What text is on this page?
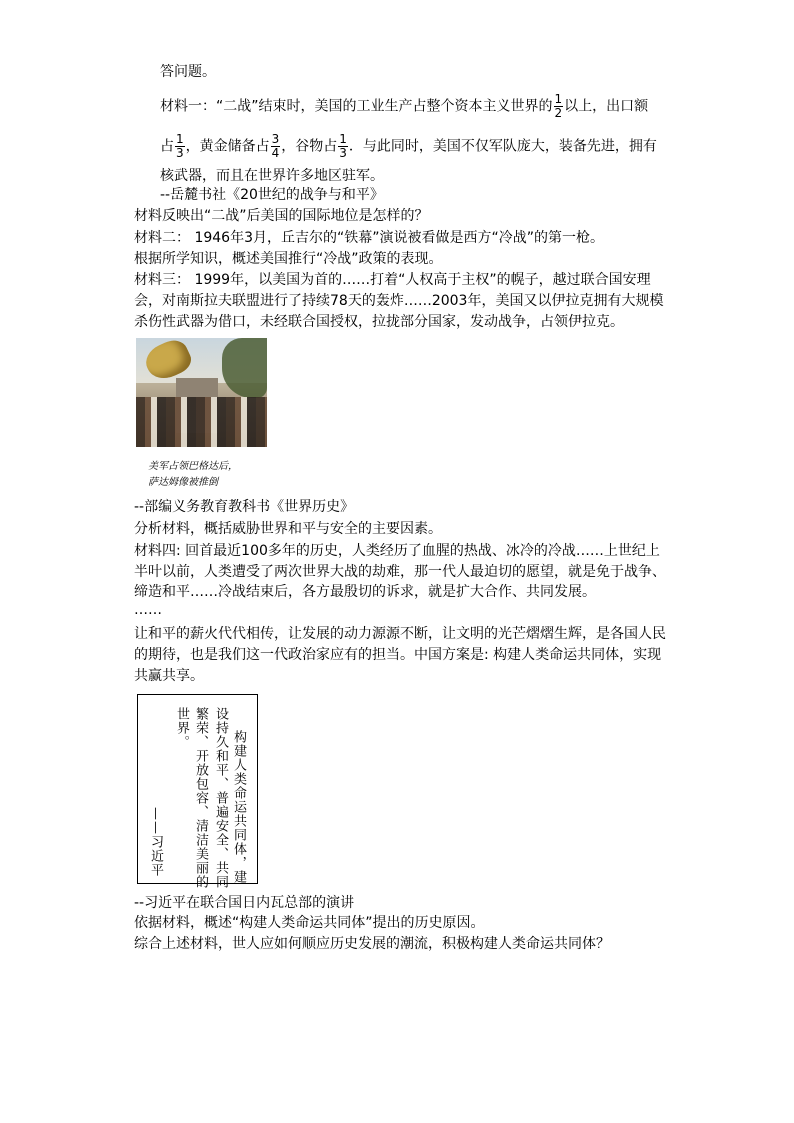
答问题。
材料一：“二战”结束时，美国的工业生产占整个资本主义世界的 $\frac{1}{2}$ 以上，出口额
占 $\frac{1}{3}$ ，黄金储备占 $\frac{3}{4}$ ，谷物占 $\frac{1}{3}$ ．与此同时，美国不仅军队庞大，装备先进，拥有
核武器，而且在世界许多地区驻军。
--岳麓书社《20世纪的战争与和平》
材料反映出“二战”后美国的国际地位是怎样的？
材料二： 1946年3月，丘吉尔的“铁幕”演说被看做是西方“冷战”的第一枪。
根据所学知识，概述美国推行“冷战”政策的表现。
材料三： 1999年，以美国为首的……打着“人权高于主权”的幌子，越过联合国安理
会，对南斯拉夫联盟进行了持续78天的轰炸……2003年，美国又以伊拉克拥有大规模
杀伤性武器为借口，未经联合国授权，拉拢部分国家，发动战争，占领伊拉克。
美军占领巴格达后，
萨达姆像被推倒
--部编义务教育教科书《世界历史》
分析材料，概括威胁世界和平与安全的主要因素。
材料四: 回首最近100多年的历史，人类经历了血腥的热战、冰冷的冷战……上世纪上
半叶以前，人类遭受了两次世界大战的劫难，那一代人最迫切的愿望，就是免于战争、
缔造和平……冷战结束后，各方最殷切的诉求，就是扩大合作、共同发展。
……
让和平的薪火代代相传，让发展的动力源源不断，让文明的光芒熠熠生辉，是各国人民
的期待，也是我们这一代政治家应有的担当。中国方案是: 构建人类命运共同体，实现
共赢共享。
构建人类命运共同体，建
设持久和平、普遍安全、共同
繁荣、开放包容、清洁美丽的
世界。
——习近平
--习近平在联合国日内瓦总部的演讲
依据材料，概述“构建人类命运共同体”提出的历史原因。
综合上述材料，世人应如何顺应历史发展的潮流，积极构建人类命运共同体？
